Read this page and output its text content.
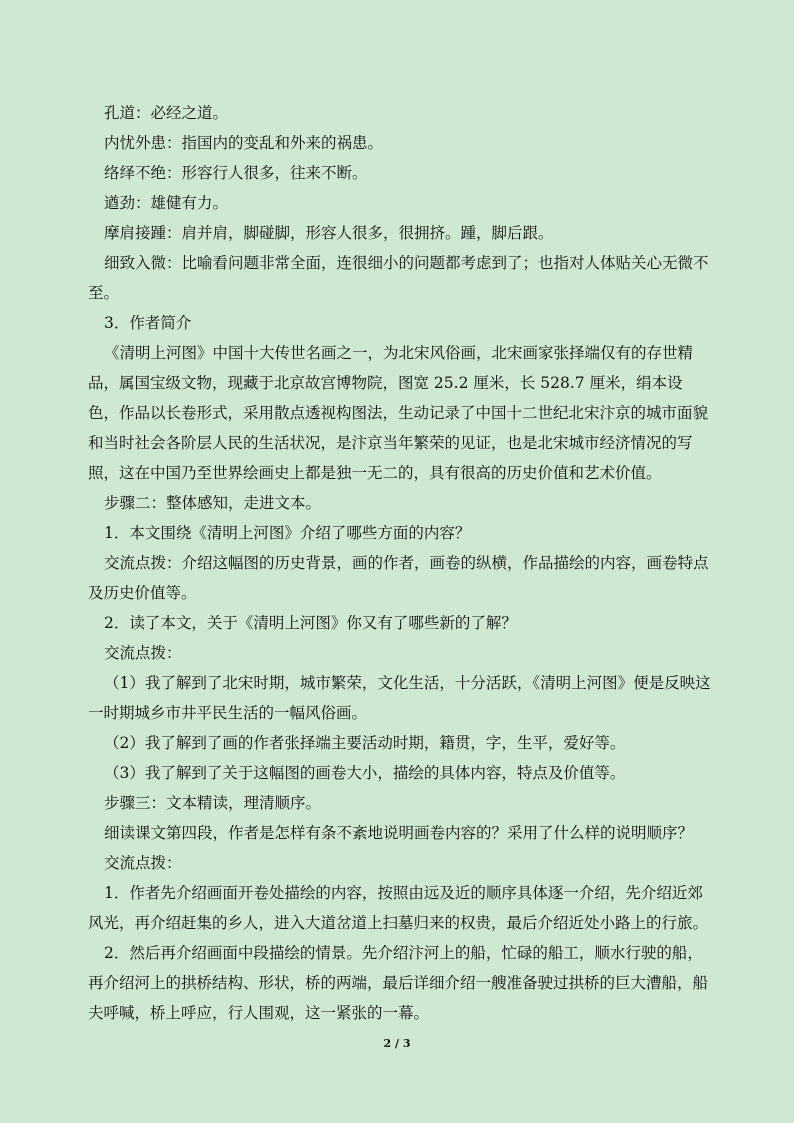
孔道：必经之道。

内忧外患：指国内的变乱和外来的祸患。

络绎不绝：形容行人很多，往来不断。

遒劲：雄健有力。

摩肩接踵：肩并肩，脚碰脚，形容人很多，很拥挤。踵，脚后跟。

细致入微：比喻看问题非常全面，连很细小的问题都考虑到了；也指对人体贴关心无微不至。

3．作者简介

《清明上河图》中国十大传世名画之一，为北宋风俗画，北宋画家张择端仅有的存世精品，属国宝级文物，现藏于北京故宫博物院，图宽 25.2 厘米，长 528.7 厘米，绢本设色，作品以长卷形式，采用散点透视构图法，生动记录了中国十二世纪北宋汴京的城市面貌和当时社会各阶层人民的生活状况，是汴京当年繁荣的见证，也是北宋城市经济情况的写照，这在中国乃至世界绘画史上都是独一无二的，具有很高的历史价值和艺术价值。

步骤二：整体感知，走进文本。

1．本文围绕《清明上河图》介绍了哪些方面的内容？

交流点拨：介绍这幅图的历史背景，画的作者，画卷的纵横，作品描绘的内容，画卷特点及历史价值等。

2．读了本文，关于《清明上河图》你又有了哪些新的了解？

交流点拨：

（1）我了解到了北宋时期，城市繁荣，文化生活，十分活跃，《清明上河图》便是反映这一时期城乡市井平民生活的一幅风俗画。

（2）我了解到了画的作者张择端主要活动时期，籍贯，字，生平，爱好等。

（3）我了解到了关于这幅图的画卷大小，描绘的具体内容，特点及价值等。

步骤三：文本精读，理清顺序。

细读课文第四段，作者是怎样有条不紊地说明画卷内容的？采用了什么样的说明顺序？

交流点拨：

1．作者先介绍画面开卷处描绘的内容，按照由远及近的顺序具体逐一介绍，先介绍近郊风光，再介绍赶集的乡人，进入大道岔道上扫墓归来的权贵，最后介绍近处小路上的行旅。

2．然后再介绍画面中段描绘的情景。先介绍汴河上的船，忙碌的船工，顺水行驶的船，再介绍河上的拱桥结构、形状，桥的两端，最后详细介绍一艘准备驶过拱桥的巨大漕船，船夫呼喊，桥上呼应，行人围观，这一紧张的一幕。

2 / 3
